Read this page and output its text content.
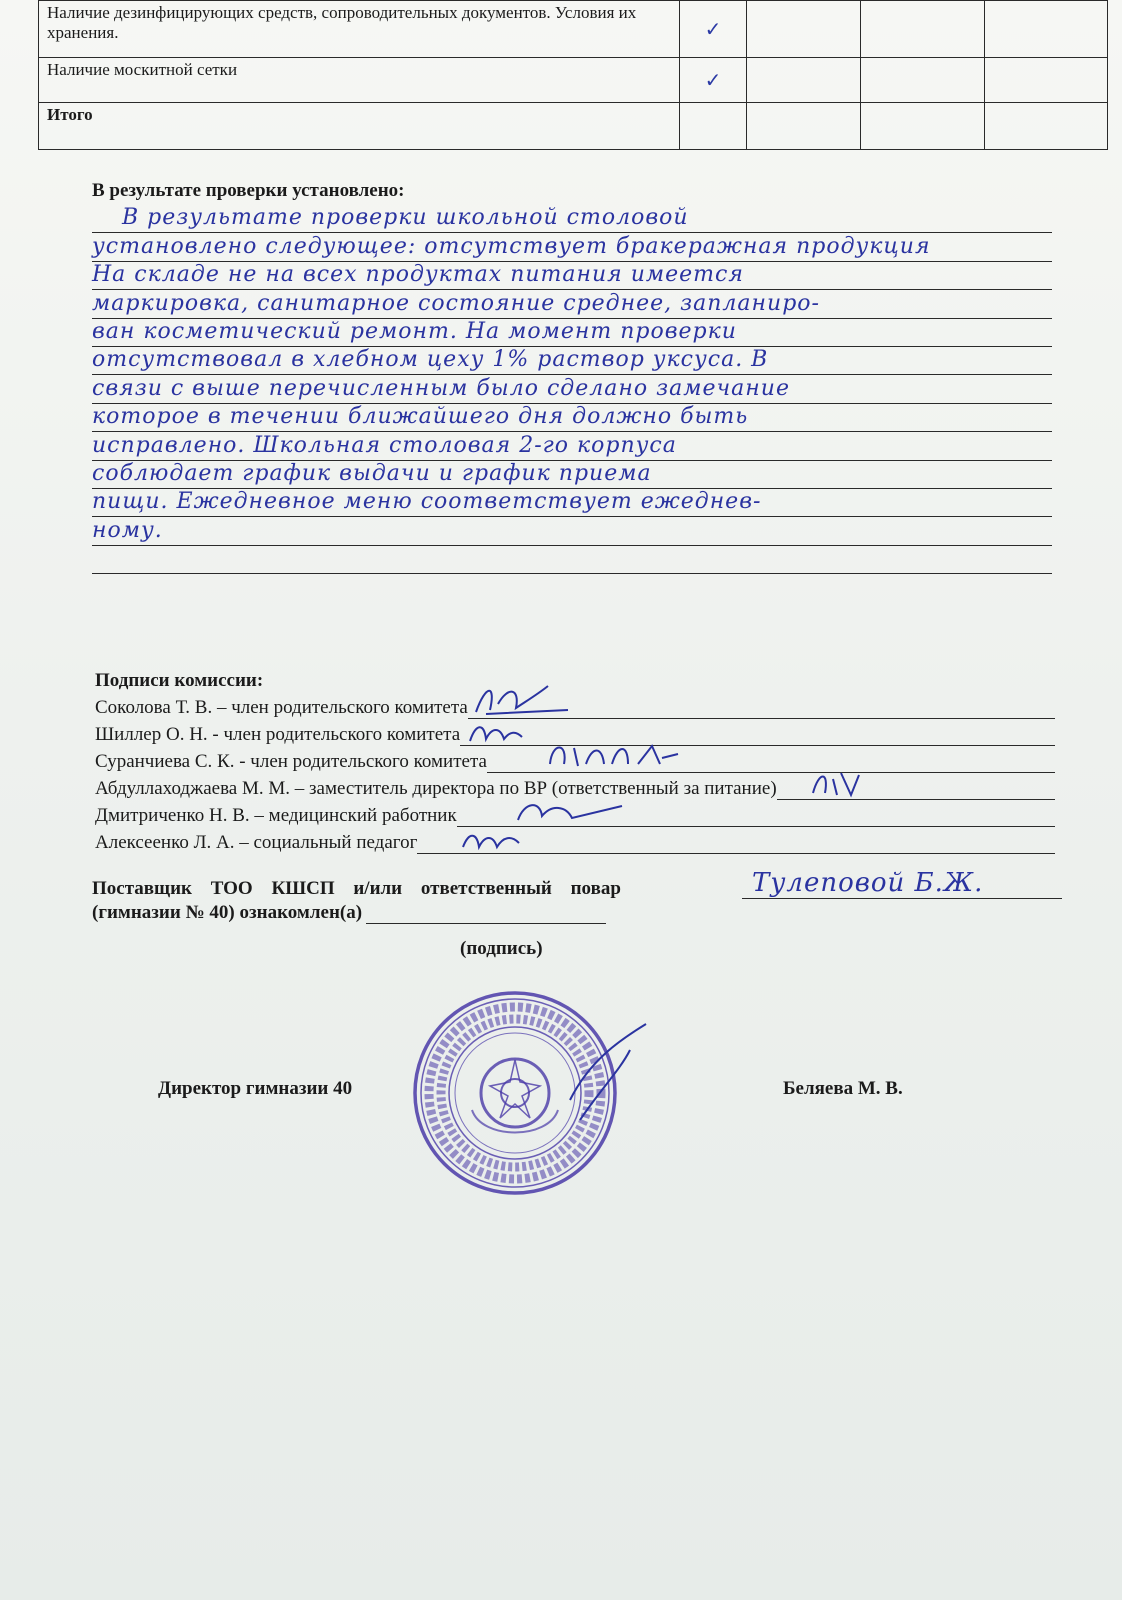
Наличие дезинфицирующих средств, сопроводительных документов. Условия их хранения.	✓			
Наличие москитной сетки	✓			
Итого				
В результате проверки установлено:
В результате проверки школьной столовой
установлено следующее: отсутствует бракеражная продукция
На складе не на всех продуктах питания имеется
маркировка, санитарное состояние среднее, запланиро-
ван косметический ремонт. На момент проверки
отсутствовал в хлебном цеху 1% раствор уксуса. В
связи с выше перечисленным было сделано замечание
которое в течении ближайшего дня должно быть
исправлено. Школьная столовая 2-го корпуса
соблюдает график выдачи и график приема
пищи. Ежедневное меню соответствует ежеднев-
ному.
Подписи комиссии:
Соколова Т. В. – член родительского комитета
Шиллер О. Н. - член родительского комитета
Суранчиева С. К. - член родительского комитета
Абдуллаходжаева М. М. – заместитель директора по ВР (ответственный за питание)
Дмитриченко Н. В. – медицинский работник
Алексеенко Л. А. – социальный педагог
Поставщик ТОО КШСП и/или ответственный повар	Тулеповой Б.Ж.
(гимназии № 40) ознакомлен(а)
(подпись)
Директор гимназии 40	Беляева М. В.
